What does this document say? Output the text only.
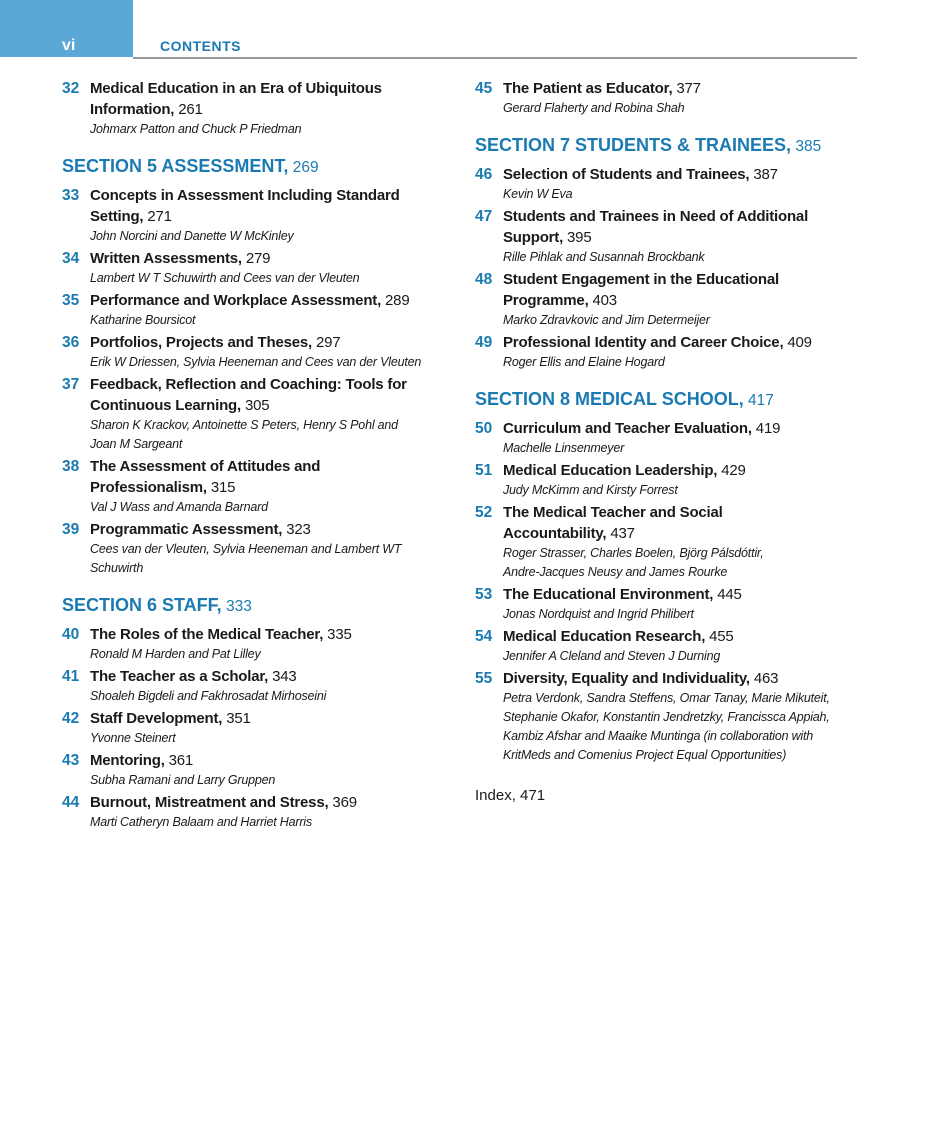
vi	CONTENTS
32 Medical Education in an Era of Ubiquitous
Information, 261
Johmarx Patton and Chuck P Friedman
SECTION 5 ASSESSMENT, 269
33 Concepts in Assessment Including Standard
Setting, 271
John Norcini and Danette W McKinley
34 Written Assessments, 279
Lambert W T Schuwirth and Cees van der Vleuten
35 Performance and Workplace Assessment, 289
Katharine Boursicot
36 Portfolios, Projects and Theses, 297
Erik W Driessen, Sylvia Heeneman and Cees van der Vleuten
37 Feedback, Reflection and Coaching: Tools for
Continuous Learning, 305
Sharon K Krackov, Antoinette S Peters, Henry S Pohl and
Joan M Sargeant
38 The Assessment of Attitudes and
Professionalism, 315
Val J Wass and Amanda Barnard
39 Programmatic Assessment, 323
Cees van der Vleuten, Sylvia Heeneman and Lambert WT
Schuwirth
SECTION 6 STAFF, 333
40 The Roles of the Medical Teacher, 335
Ronald M Harden and Pat Lilley
41 The Teacher as a Scholar, 343
Shoaleh Bigdeli and Fakhrosadat Mirhoseini
42 Staff Development, 351
Yvonne Steinert
43 Mentoring, 361
Subha Ramani and Larry Gruppen
44 Burnout, Mistreatment and Stress, 369
Marti Catheryn Balaam and Harriet Harris
45 The Patient as Educator, 377
Gerard Flaherty and Robina Shah
SECTION 7 STUDENTS & TRAINEES, 385
46 Selection of Students and Trainees, 387
Kevin W Eva
47 Students and Trainees in Need of Additional
Support, 395
Rille Pihlak and Susannah Brockbank
48 Student Engagement in the Educational
Programme, 403
Marko Zdravkovic and Jim Determeijer
49 Professional Identity and Career Choice, 409
Roger Ellis and Elaine Hogard
SECTION 8 MEDICAL SCHOOL, 417
50 Curriculum and Teacher Evaluation, 419
Machelle Linsenmeyer
51 Medical Education Leadership, 429
Judy McKimm and Kirsty Forrest
52 The Medical Teacher and Social
Accountability, 437
Roger Strasser, Charles Boelen, Björg Pálsdóttir,
Andre-Jacques Neusy and James Rourke
53 The Educational Environment, 445
Jonas Nordquist and Ingrid Philibert
54 Medical Education Research, 455
Jennifer A Cleland and Steven J Durning
55 Diversity, Equality and Individuality, 463
Petra Verdonk, Sandra Steffens, Omar Tanay, Marie Mikuteit,
Stephanie Okafor, Konstantin Jendretzky, Francissca Appiah,
Kambiz Afshar and Maaike Muntinga (in collaboration with
KritMeds and Comenius Project Equal Opportunities)
Index, 471
